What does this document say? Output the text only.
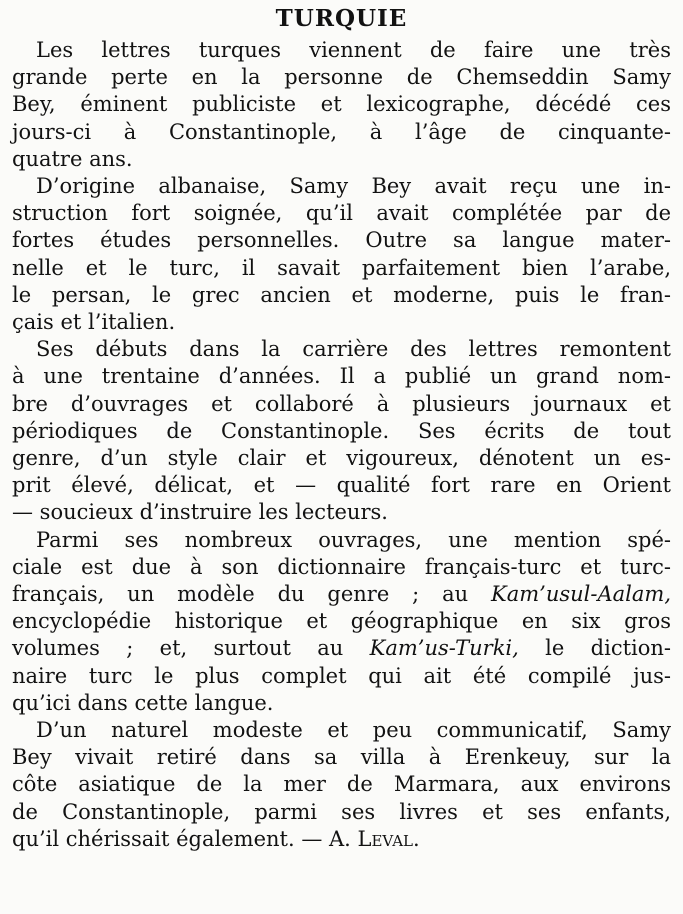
TURQUIE

Les lettres turques viennent de faire une très
grande perte en la personne de Chemseddin Samy
Bey, éminent publiciste et lexicographe, décédé ces
jours-ci à Constantinople, à l’âge de cinquante-
quatre ans.

D’origine albanaise, Samy Bey avait reçu une in-
struction fort soignée, qu’il avait complétée par de
fortes études personnelles. Outre sa langue mater-
nelle et le turc, il savait parfaitement bien l’arabe,
le persan, le grec ancien et moderne, puis le fran-
çais et l’italien.

Ses débuts dans la carrière des lettres remontent
à une trentaine d’années. Il a publié un grand nom-
bre d’ouvrages et collaboré à plusieurs journaux et
périodiques de Constantinople. Ses écrits de tout
genre, d’un style clair et vigoureux, dénotent un es-
prit élevé, délicat, et — qualité fort rare en Orient
— soucieux d’instruire les lecteurs.

Parmi ses nombreux ouvrages, une mention spé-
ciale est due à son dictionnaire français-turc et turc-
français, un modèle du genre ; au Kam’usul-Aalam,
encyclopédie historique et géographique en six gros
volumes ; et, surtout au Kam’us-Turki, le diction-
naire turc le plus complet qui ait été compilé jus-
qu’ici dans cette langue.

D’un naturel modeste et peu communicatif, Samy
Bey vivait retiré dans sa villa à Erenkeuy, sur la
côte asiatique de la mer de Marmara, aux environs
de Constantinople, parmi ses livres et ses enfants,
qu’il chérissait également. — A. Leval.
